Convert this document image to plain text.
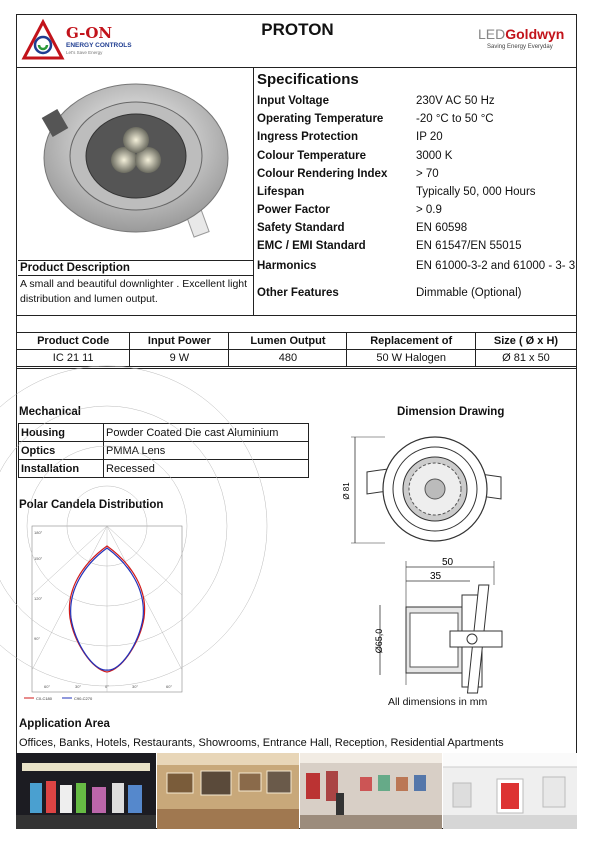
G-ON
ENERGY CONTROLS
Let's Save Energy
PROTON	LEDGoldwyn
Saving Energy Everyday
Specifications
Input Voltage	230V AC 50 Hz
Operating Temperature	-20 °C to 50 °C
Ingress Protection	IP 20
Colour Temperature	3000 K
Colour Rendering Index > 70
Lifespan	Typically 50, 000 Hours
Power Factor	> 0.9
Safety Standard	EN 60598
EMC / EMI Standard	EN 61547/EN 55015
Harmonics	EN 61000-3-2 and 61000 - 3- 3
Other Features	Dimmable (Optional)
Product Description
A small and beautiful downlighter . Excellent light distribution and lumen output.
Product Code	Input Power	Lumen Output	Replacement of	Size ( Ø x H)
IC 21 11	9 W	480	50 W Halogen	Ø 81 x 50
Mechanical
Housing	Powder Coated Die cast Aluminium
Optics	PMMA Lens
Installation	Recessed
Dimension Drawing
Ø 81
50
35
Ø65,0
All dimensions in mm
Polar Candela Distribution
180°
150°
120°
90°
60°	30°	0°	30°	60°
C0-C180	C90-C270
Application Area
Offices, Banks, Hotels, Restaurants, Showrooms, Entrance Hall, Reception, Residential Apartments
